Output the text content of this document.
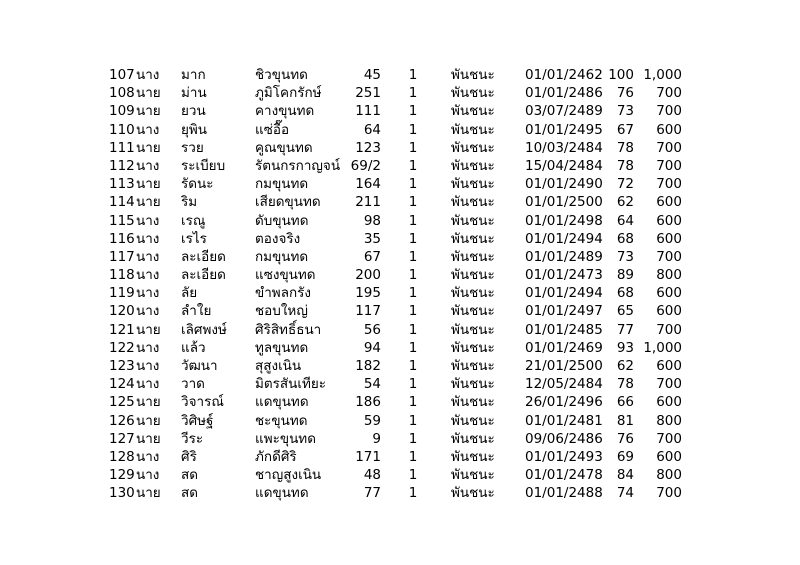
107 นาง มาก	ชิวขุนทด	45 1 พันชนะ 01/01/2462 100 1,000
108 นาย ม่าน	ภูมิโคกรักษ์	251 1 พันชนะ 01/01/2486	76	700
109 นาย ยวน	คางขุนทด	111 1 พันชนะ 03/07/2489	73	700
110 นาง ยุพิน	แซ่อื๊อ	64 1 พันชนะ 01/01/2495	67	600
111 นาย รวย	คูณขุนทด	123 1 พันชนะ 10/03/2484	78	700
112 นาง ระเบียบ รัตนกรกาญจน์ 69/2 1 พันชนะ 15/04/2484	78	700
113 นาย รัดนะ	กมขุนทด	164 1 พันชนะ 01/01/2490	72	700
114 นาย ริม	เสียดขุนทด	211 1 พันชนะ 01/01/2500	62	600
115 นาง เรณู	ดับขุนทด	98 1 พันชนะ 01/01/2498	64	600
116 นาง เรไร	ตองจริง	35 1 พันชนะ 01/01/2494	68	600
117 นาง ละเอียด กมขุนทด	67 1 พันชนะ 01/01/2489	73	700
118 นาง ละเอียด แซงขุนทด	200 1 พันชนะ 01/01/2473	89	800
119 นาง ลัย	ขำพลกรัง	195 1 พันชนะ 01/01/2494	68	600
120 นาง ลำใย	ชอบใหญ่	117 1 พันชนะ 01/01/2497	65	600
121 นาย เลิศพงษ์ ศิริสิทธิ์ธนา	56 1 พันชนะ 01/01/2485	77	700
122 นาง แล้ว	ทูลขุนทด	94 1 พันชนะ 01/01/2469	93 1,000
123 นาง วัฒนา	สุสูงเนิน	182 1 พันชนะ 21/01/2500	62	600
124 นาง วาด	มิตรสันเทียะ	54 1 พันชนะ 12/05/2484	78	700
125 นาย วิจารณ์ แดขุนทด	186 1 พันชนะ 26/01/2496	66	600
126 นาย วิศิษฐ์	ชะขุนทด	59 1 พันชนะ 01/01/2481	81	800
127 นาย วีระ	แพะขุนทด	9 1 พันชนะ 09/06/2486	76	700
128 นาง ศิริ	ภักดีศิริ	171 1 พันชนะ 01/01/2493	69	600
129 นาง สด	ชาญสูงเนิน	48 1 พันชนะ 01/01/2478	84	800
130 นาย สด	แดขุนทด	77 1 พันชนะ 01/01/2488	74	700
